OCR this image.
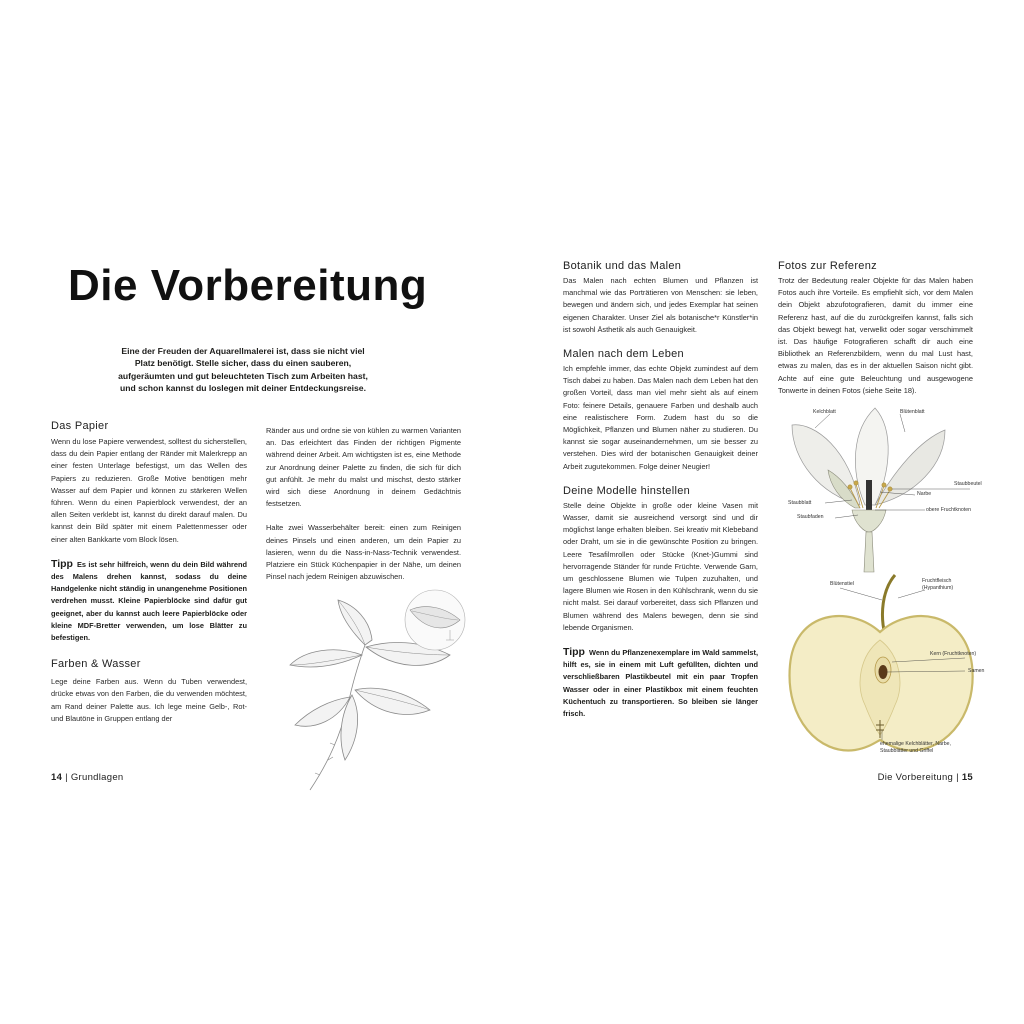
Die Vorbereitung

Eine der Freuden der Aquarellmalerei ist, dass sie nicht viel Platz benötigt. Stelle sicher, dass du einen sauberen, aufgeräumten und gut beleuchteten Tisch zum Arbeiten hast, und schon kannst du loslegen mit deiner Entdeckungsreise.

Das Papier

Wenn du lose Papiere verwendest, solltest du sicherstellen, dass du dein Papier entlang der Ränder mit Malerkrepp an einer festen Unterlage befestigst, um das Wellen des Papiers zu reduzieren. Große Motive benötigen mehr Wasser auf dem Papier und können zu stärkeren Wellen führen. Wenn du einen Papierblock verwendest, der an allen Seiten verklebt ist, kannst du direkt darauf malen. Du kannst dein Bild später mit einem Palettenmesser oder einer alten Bankkarte vom Block lösen.

Tipp Es ist sehr hilfreich, wenn du dein Bild während des Malens drehen kannst, sodass du deine Handgelenke nicht ständig in unangenehme Positionen verdrehen musst. Kleine Papierblöcke sind dafür gut geeignet, aber du kannst auch leere Papierblöcke oder kleine MDF-Bretter verwenden, um lose Blätter zu befestigen.

Farben & Wasser

Lege deine Farben aus. Wenn du Tuben verwendest, drücke etwas von den Farben, die du verwenden möchtest, am Rand deiner Palette aus. Ich lege meine Gelb-, Rot- und Blautöne in Gruppen entlang der

Ränder aus und ordne sie von kühlen zu warmen Varianten an. Das erleichtert das Finden der richtigen Pigmente während deiner Arbeit. Am wichtigsten ist es, eine Methode zur Anordnung deiner Palette zu finden, die sich für dich gut anfühlt. Je mehr du malst und mischst, desto stärker wird sich diese Anordnung in deinem Gedächtnis festsetzen.

Halte zwei Wasserbehälter bereit: einen zum Reinigen deines Pinsels und einen anderen, um dein Papier zu lasieren, wenn du die Nass-in-Nass-Technik verwendest. Platziere ein Stück Küchenpapier in der Nähe, um deinen Pinsel nach jedem Reinigen abzuwischen.

14 | Grundlagen
Botanik und das Malen

Das Malen nach echten Blumen und Pflanzen ist manchmal wie das Porträtieren von Menschen: sie leben, bewegen und ändern sich, und jedes Exemplar hat seinen eigenen Charakter. Unser Ziel als botanische*r Künstler*in ist sowohl Ästhetik als auch Genauigkeit.

Malen nach dem Leben

Ich empfehle immer, das echte Objekt zumindest auf dem Tisch dabei zu haben. Das Malen nach dem Leben hat den großen Vorteil, dass man viel mehr sieht als auf einem Foto: feinere Details, genauere Farben und deshalb auch eine realistischere Form. Zudem hast du so die Möglichkeit, Pflanzen und Blumen näher zu studieren. Du kannst sie sogar auseinandernehmen, um sie besser zu verstehen. Dies wird der botanischen Genauigkeit deiner Arbeit zugutekommen. Folge deiner Neugier!

Deine Modelle hinstellen

Stelle deine Objekte in große oder kleine Vasen mit Wasser, damit sie ausreichend versorgt sind und dir möglichst lange erhalten bleiben. Sei kreativ mit Klebeband oder Draht, um sie in die gewünschte Position zu bringen. Leere Tesafilmrollen oder Stücke (Knet-)Gummi sind hervorragende Ständer für runde Früchte. Verwende Garn, um geschlossene Blumen wie Tulpen zuzuhalten, und lagere Blumen wie Rosen in den Kühlschrank, wenn du sie nicht malst. Sei darauf vorbereitet, dass sich Pflanzen und Blumen während des Malens bewegen, denn sie sind lebende Organismen.

Tipp Wenn du Pflanzenexemplare im Wald sammelst, hilft es, sie in einem mit Luft gefüllten, dichten und verschließbaren Plastikbeutel mit ein paar Tropfen Wasser oder in einer Plastikbox mit einem feuchten Küchentuch zu transportieren. So bleiben sie länger frisch.

Fotos zur Referenz

Trotz der Bedeutung realer Objekte für das Malen haben Fotos auch ihre Vorteile. Es empfiehlt sich, vor dem Malen dein Objekt abzufotografieren, damit du immer eine Referenz hast, auf die du zurückgreifen kannst, falls sich das Objekt bewegt hat, verwelkt oder sogar verschimmelt ist. Das häufige Fotografieren schafft dir auch eine Bibliothek an Referenzbildern, wenn du mal Lust hast, etwas zu malen, das es in der aktuellen Saison nicht gibt. Achte auf eine gute Beleuchtung und ausgewogene Tonwerte in deinen Fotos (siehe Seite 18).

Kelchblatt	Blütenblatt
Staubbeutel
Narbe
Staubblatt
obere Fruchtknoten
Staubfaden
Blütenstiel	Fruchtfleisch (Hypanthium)
Kern (Fruchtknoten)
Samen
ehemalige Kelchblätter, Narbe,
Staubblätter und Griffel
Die Vorbereitung | 15
